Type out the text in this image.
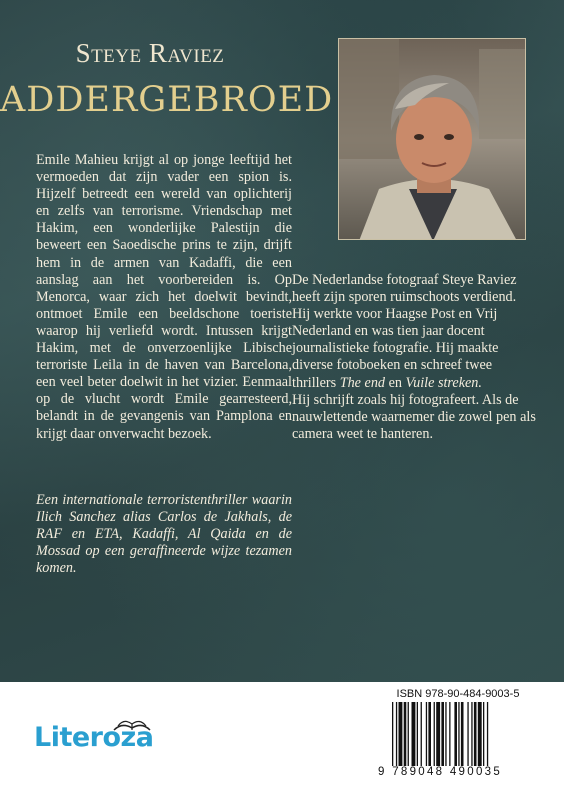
Steye Raviez
ADDERGEBROED
Emile Mahieu krijgt al op jonge leeftijd het vermoeden dat zijn vader een spion is. Hijzelf betreedt een wereld van oplichterij en zelfs van terrorisme. Vriendschap met Hakim, een wonderlijke Palestijn die beweert een Saoedische prins te zijn, drijft hem in de armen van Kadaffi, die een aanslag aan het voorbereiden is. Op Menorca, waar zich het doelwit bevindt, ontmoet Emile een beeldschone toeriste waarop hij verliefd wordt. Intussen krijgt Hakim, met de onverzoenlijke Libische terroriste Leila in de haven van Barcelona, een veel beter doelwit in het vizier. Eenmaal op de vlucht wordt Emile gearresteerd, belandt in de gevangenis van Pamplona en krijgt daar onverwacht bezoek.
Een internationale terroristenthriller waarin Ilich Sanchez alias Carlos de Jakhals, de RAF en ETA, Kadaffi, Al Qaida en de Mossad op een geraffineerde wijze tezamen komen.

De Nederlandse fotograaf Steye Raviez heeft zijn sporen ruimschoots verdiend. Hij werkte voor Haagse Post en Vrij Nederland en was tien jaar docent journalistieke fotografie. Hij maakte diverse fotoboeken en schreef twee thrillers The end en Vuile streken.

Hij schrijft zoals hij fotografeert. Als de nauwlettende waarnemer die zowel pen als camera weet te hanteren.

Literoza
ISBN 978-90-484-9003-5
9 789048 490035
